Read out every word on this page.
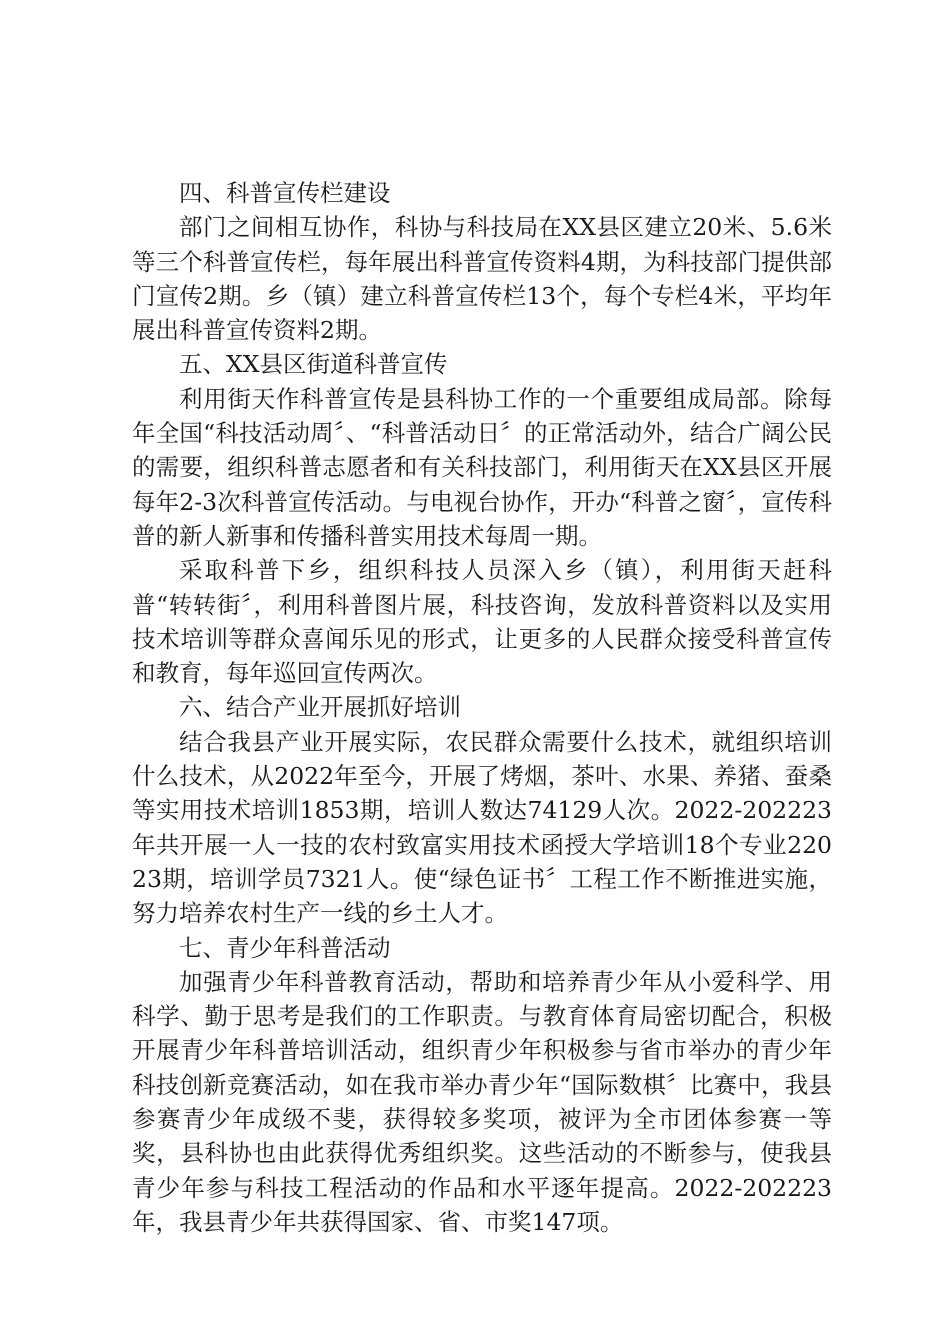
四、科普宣传栏建设

部门之间相互协作，科协与科技局在XX县区建立20米、5.6米等三个科普宣传栏，每年展出科普宣传资料4期，为科技部门提供部门宣传2期。乡（镇）建立科普宣传栏13个，每个专栏4米，平均年展出科普宣传资料2期。

五、XX县区街道科普宣传

利用街天作科普宣传是县科协工作的一个重要组成局部。除每年全国“科技活动周〞、“科普活动日〞的正常活动外，结合广阔公民的需要，组织科普志愿者和有关科技部门，利用街天在XX县区开展每年2-3次科普宣传活动。与电视台协作，开办“科普之窗〞，宣传科普的新人新事和传播科普实用技术每周一期。

采取科普下乡，组织科技人员深入乡（镇），利用街天赶科普“转转街〞，利用科普图片展，科技咨询，发放科普资料以及实用技术培训等群众喜闻乐见的形式，让更多的人民群众接受科普宣传和教育，每年巡回宣传两次。

六、结合产业开展抓好培训

结合我县产业开展实际，农民群众需要什么技术，就组织培训什么技术，从2022年至今，开展了烤烟，茶叶、水果、养猪、蚕桑等实用技术培训1853期，培训人数达74129人次。2022-202223年共开展一人一技的农村致富实用技术函授大学培训18个专业22023期，培训学员7321人。使“绿色证书〞工程工作不断推进实施，努力培养农村生产一线的乡土人才。

七、青少年科普活动

加强青少年科普教育活动，帮助和培养青少年从小爱科学、用科学、勤于思考是我们的工作职责。与教育体育局密切配合，积极开展青少年科普培训活动，组织青少年积极参与省市举办的青少年科技创新竞赛活动，如在我市举办青少年“国际数棋〞比赛中，我县参赛青少年成级不斐，获得较多奖项，被评为全市团体参赛一等奖，县科协也由此获得优秀组织奖。这些活动的不断参与，使我县青少年参与科技工程活动的作品和水平逐年提高。2022-202223年，我县青少年共获得国家、省、市奖147项。
